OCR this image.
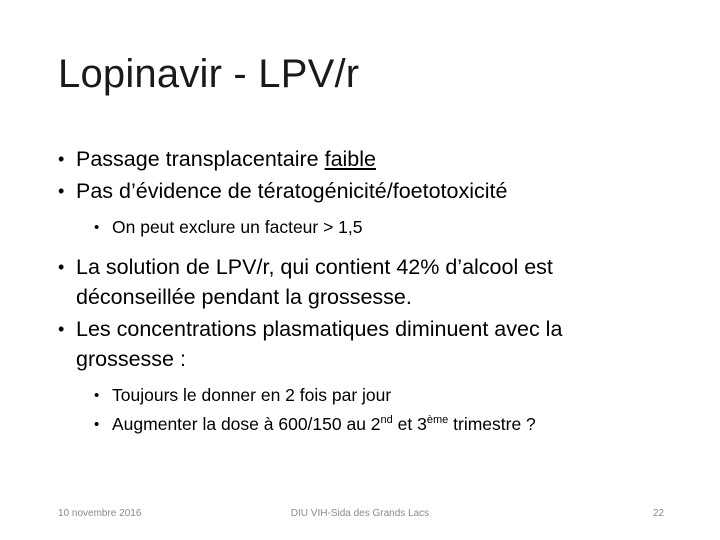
Lopinavir - LPV/r

• Passage transplacentaire faible

• Pas d’évidence de tératogénicité/foetotoxicité

• On peut exclure un facteur > 1,5

• La solution de LPV/r, qui contient 42% d’alcool est
déconseillée pendant la grossesse.

• Les concentrations plasmatiques diminuent avec la
grossesse :

• Toujours le donner en 2 fois par jour

• Augmenter la dose à 600/150 au 2nd et 3ème trimestre ?

10 novembre 2016	DIU VIH-Sida des Grands Lacs	22
